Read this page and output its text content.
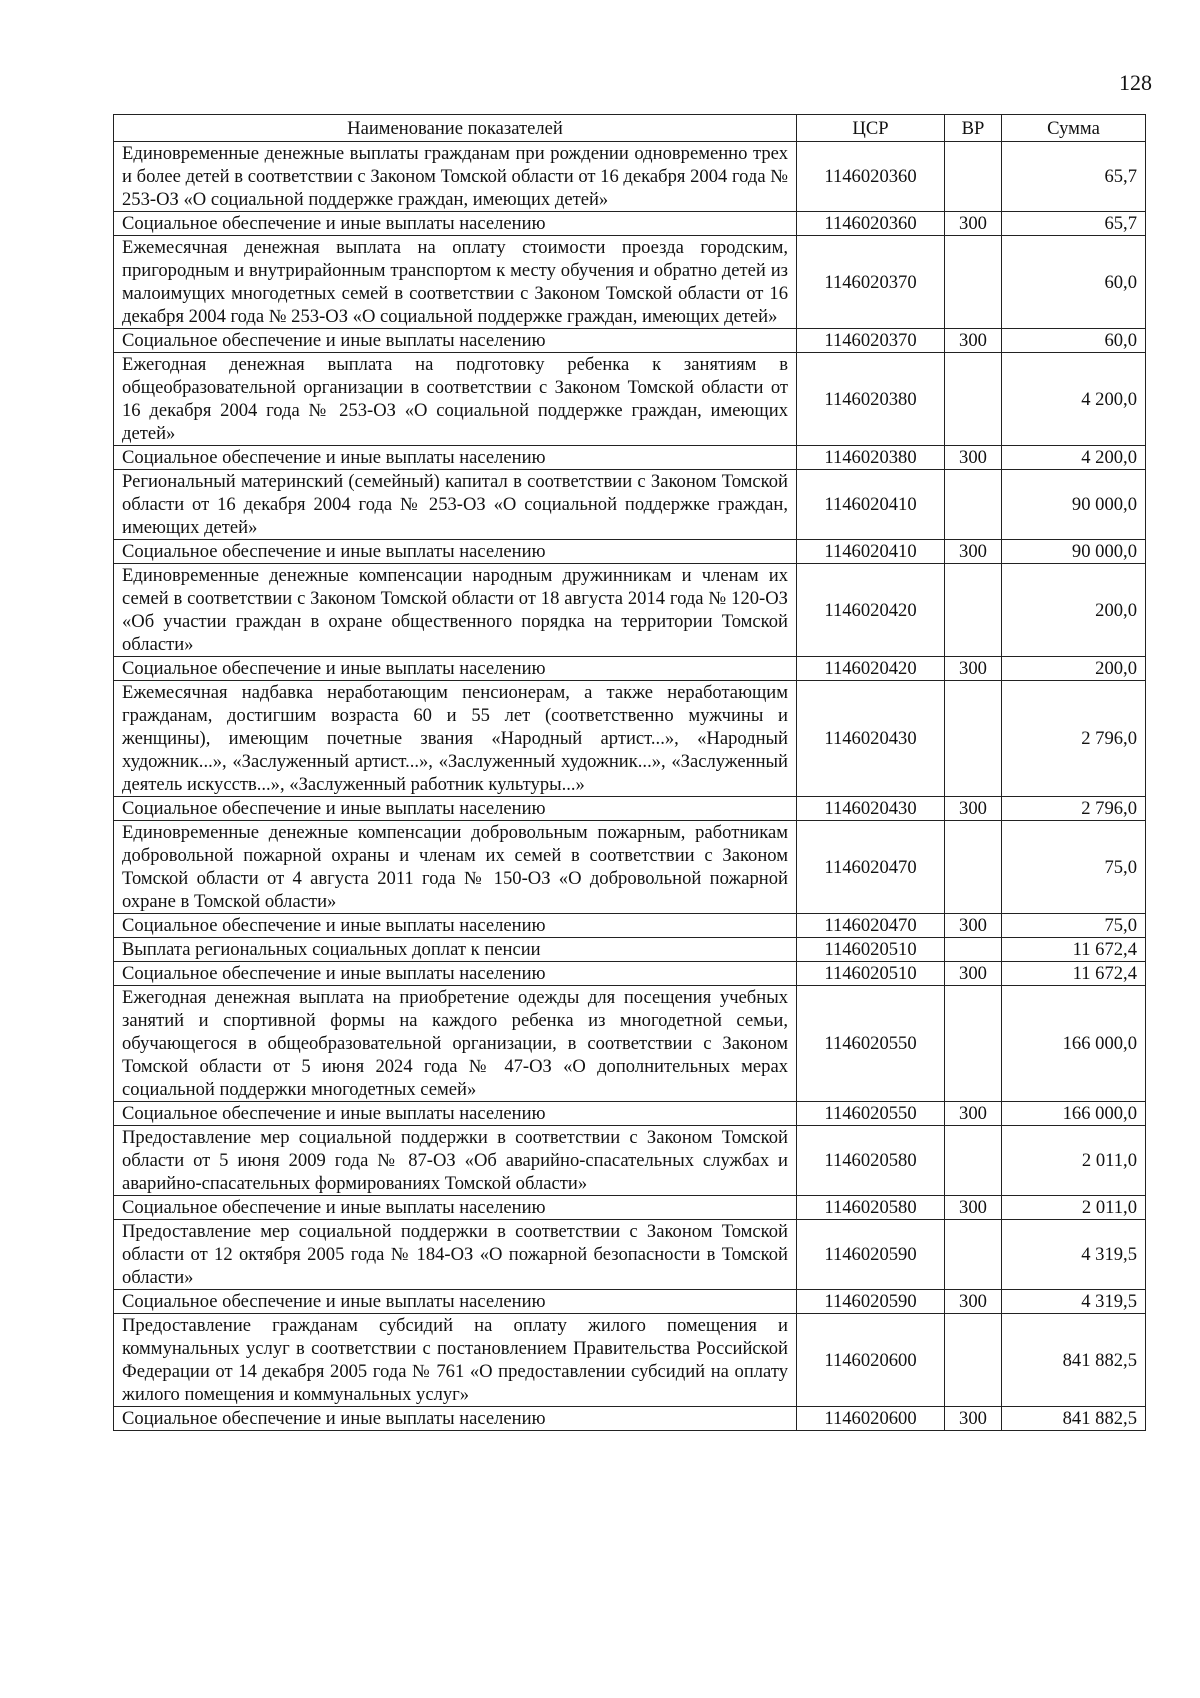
128
Наименование показателей	ЦСР	ВР	Сумма
Единовременные денежные выплаты гражданам при рождении одновременно трех и более детей в соответствии с Законом Томской области от 16 декабря 2004 года № 253-ОЗ «О социальной поддержке граждан, имеющих детей»	1146020360		65,7
Социальное обеспечение и иные выплаты населению	1146020360	300	65,7
Ежемесячная денежная выплата на оплату стоимости проезда городским, пригородным и внутрирайонным транспортом к месту обучения и обратно детей из малоимущих многодетных семей в соответствии с Законом Томской области от 16 декабря 2004 года № 253-ОЗ «О социальной поддержке граждан, имеющих детей»	1146020370		60,0
Социальное обеспечение и иные выплаты населению	1146020370	300	60,0
Ежегодная денежная выплата на подготовку ребенка к занятиям в общеобразовательной организации в соответствии с Законом Томской области от 16 декабря 2004 года № 253-ОЗ «О социальной поддержке граждан, имеющих детей»	1146020380		4 200,0
Социальное обеспечение и иные выплаты населению	1146020380	300	4 200,0
Региональный материнский (семейный) капитал в соответствии с Законом Томской области от 16 декабря 2004 года № 253-ОЗ «О социальной поддержке граждан, имеющих детей»	1146020410		90 000,0
Социальное обеспечение и иные выплаты населению	1146020410	300	90 000,0
Единовременные денежные компенсации народным дружинникам и членам их семей в соответствии с Законом Томской области от 18 августа 2014 года № 120-ОЗ «Об участии граждан в охране общественного порядка на территории Томской области»	1146020420		200,0
Социальное обеспечение и иные выплаты населению	1146020420	300	200,0
Ежемесячная надбавка неработающим пенсионерам, а также неработающим гражданам, достигшим возраста 60 и 55 лет (соответственно мужчины и женщины), имеющим почетные звания «Народный артист...», «Народный художник...», «Заслуженный артист...», «Заслуженный художник...», «Заслуженный деятель искусств...», «Заслуженный работник культуры...»	1146020430		2 796,0
Социальное обеспечение и иные выплаты населению	1146020430	300	2 796,0
Единовременные денежные компенсации добровольным пожарным, работникам добровольной пожарной охраны и членам их семей в соответствии с Законом Томской области от 4 августа 2011 года № 150-ОЗ «О добровольной пожарной охране в Томской области»	1146020470		75,0
Социальное обеспечение и иные выплаты населению	1146020470	300	75,0
Выплата региональных социальных доплат к пенсии	1146020510		11 672,4
Социальное обеспечение и иные выплаты населению	1146020510	300	11 672,4
Ежегодная денежная выплата на приобретение одежды для посещения учебных занятий и спортивной формы на каждого ребенка из многодетной семьи, обучающегося в общеобразовательной организации, в соответствии с Законом Томской области от 5 июня 2024 года № 47-ОЗ «О дополнительных мерах социальной поддержки многодетных семей»	1146020550		166 000,0
Социальное обеспечение и иные выплаты населению	1146020550	300	166 000,0
Предоставление мер социальной поддержки в соответствии с Законом Томской области от 5 июня 2009 года № 87-ОЗ «Об аварийно-спасательных службах и аварийно-спасательных формированиях Томской области»	1146020580		2 011,0
Социальное обеспечение и иные выплаты населению	1146020580	300	2 011,0
Предоставление мер социальной поддержки в соответствии с Законом Томской области от 12 октября 2005 года № 184-ОЗ «О пожарной безопасности в Томской области»	1146020590		4 319,5
Социальное обеспечение и иные выплаты населению	1146020590	300	4 319,5
Предоставление гражданам субсидий на оплату жилого помещения и коммунальных услуг в соответствии с постановлением Правительства Российской Федерации от 14 декабря 2005 года № 761 «О предоставлении субсидий на оплату жилого помещения и коммунальных услуг»	1146020600		841 882,5
Социальное обеспечение и иные выплаты населению	1146020600	300	841 882,5
